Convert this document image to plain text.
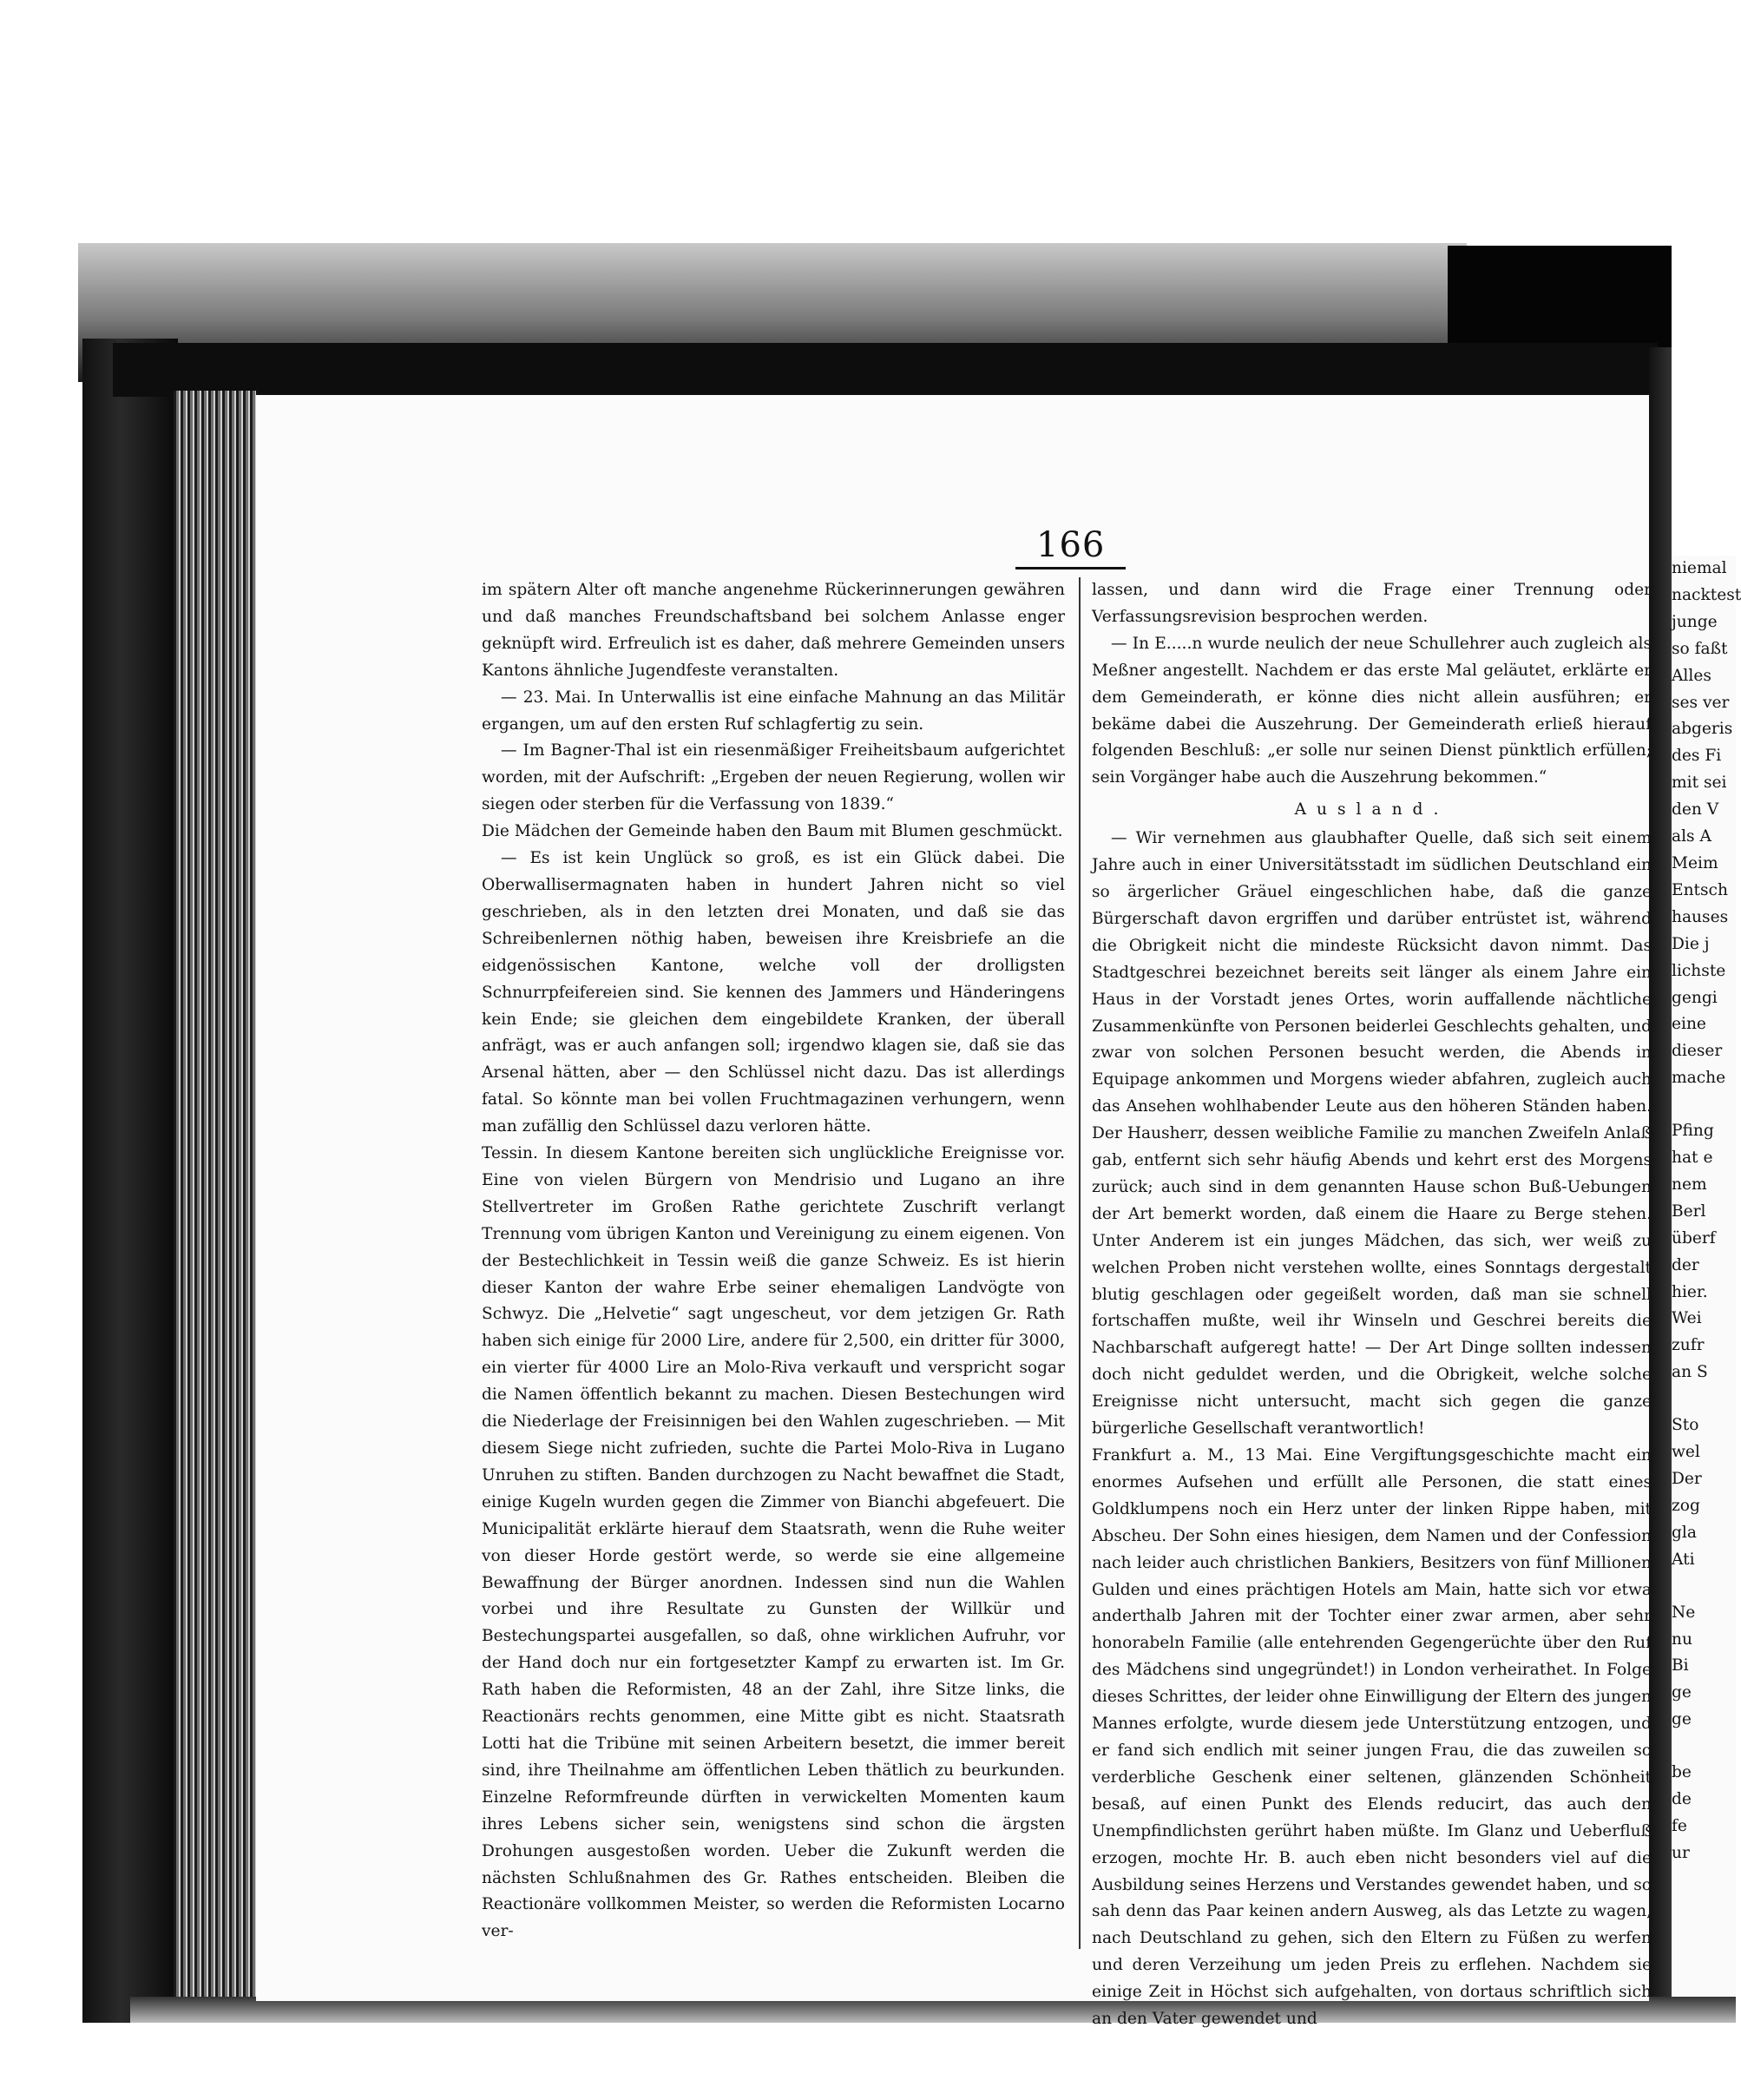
166

im spätern Alter oft manche angenehme Rückerinnerungen gewähren und daß manches Freundschaftsband bei solchem Anlasse enger geknüpft wird. Erfreulich ist es daher, daß mehrere Gemeinden unsers Kantons ähnliche Jugendfeste veranstalten.

— 23. Mai. In Unterwallis ist eine einfache Mahnung an das Militär ergangen, um auf den ersten Ruf schlagfertig zu sein.

— Im Bagner-Thal ist ein riesenmäßiger Freiheitsbaum aufgerichtet worden, mit der Aufschrift: „Ergeben der neuen Regierung, wollen wir siegen oder sterben für die Verfassung von 1839.“

Die Mädchen der Gemeinde haben den Baum mit Blumen geschmückt.

— Es ist kein Unglück so groß, es ist ein Glück dabei. Die Oberwallisermagnaten haben in hundert Jahren nicht so viel geschrieben, als in den letzten drei Monaten, und daß sie das Schreibenlernen nöthig haben, beweisen ihre Kreisbriefe an die eidgenössischen Kantone, welche voll der drolligsten Schnurrpfeifereien sind. Sie kennen des Jammers und Händeringens kein Ende; sie gleichen dem eingebildete Kranken, der überall anfrägt, was er auch anfangen soll; irgendwo klagen sie, daß sie das Arsenal hätten, aber — den Schlüssel nicht dazu. Das ist allerdings fatal. So könnte man bei vollen Fruchtmagazinen verhungern, wenn man zufällig den Schlüssel dazu verloren hätte.

Tessin. In diesem Kantone bereiten sich unglückliche Ereignisse vor. Eine von vielen Bürgern von Mendrisio und Lugano an ihre Stellvertreter im Großen Rathe gerichtete Zuschrift verlangt Trennung vom übrigen Kanton und Vereinigung zu einem eigenen. Von der Bestechlichkeit in Tessin weiß die ganze Schweiz. Es ist hierin dieser Kanton der wahre Erbe seiner ehemaligen Landvögte von Schwyz. Die „Helvetie“ sagt ungescheut, vor dem jetzigen Gr. Rath haben sich einige für 2000 Lire, andere für 2,500, ein dritter für 3000, ein vierter für 4000 Lire an Molo-Riva verkauft und verspricht sogar die Namen öffentlich bekannt zu machen. Diesen Bestechungen wird die Niederlage der Freisinnigen bei den Wahlen zugeschrieben. — Mit diesem Siege nicht zufrieden, suchte die Partei Molo-Riva in Lugano Unruhen zu stiften. Banden durchzogen zu Nacht bewaffnet die Stadt, einige Kugeln wurden gegen die Zimmer von Bianchi abgefeuert. Die Municipalität erklärte hierauf dem Staatsrath, wenn die Ruhe weiter von dieser Horde gestört werde, so werde sie eine allgemeine Bewaffnung der Bürger anordnen. Indessen sind nun die Wahlen vorbei und ihre Resultate zu Gunsten der Willkür und Bestechungspartei ausgefallen, so daß, ohne wirklichen Aufruhr, vor der Hand doch nur ein fortgesetzter Kampf zu erwarten ist. Im Gr. Rath haben die Reformisten, 48 an der Zahl, ihre Sitze links, die Reactionärs rechts genommen, eine Mitte gibt es nicht. Staatsrath Lotti hat die Tribüne mit seinen Arbeitern besetzt, die immer bereit sind, ihre Theilnahme am öffentlichen Leben thätlich zu beurkunden. Einzelne Reformfreunde dürften in verwickelten Momenten kaum ihres Lebens sicher sein, wenigstens sind schon die ärgsten Drohungen ausgestoßen worden. Ueber die Zukunft werden die nächsten Schlußnahmen des Gr. Rathes entscheiden. Bleiben die Reactionäre vollkommen Meister, so werden die Reformisten Locarno ver-

lassen, und dann wird die Frage einer Trennung oder Verfassungsrevision besprochen werden.

— In E.....n wurde neulich der neue Schullehrer auch zugleich als Meßner angestellt. Nachdem er das erste Mal geläutet, erklärte er dem Gemeinderath, er könne dies nicht allein ausführen; er bekäme dabei die Auszehrung. Der Gemeinderath erließ hierauf folgenden Beschluß: „er solle nur seinen Dienst pünktlich erfüllen; sein Vorgänger habe auch die Auszehrung bekommen.“

Ausland.

— Wir vernehmen aus glaubhafter Quelle, daß sich seit einem Jahre auch in einer Universitätsstadt im südlichen Deutschland ein so ärgerlicher Gräuel eingeschlichen habe, daß die ganze Bürgerschaft davon ergriffen und darüber entrüstet ist, während die Obrigkeit nicht die mindeste Rücksicht davon nimmt. Das Stadtgeschrei bezeichnet bereits seit länger als einem Jahre ein Haus in der Vorstadt jenes Ortes, worin auffallende nächtliche Zusammenkünfte von Personen beiderlei Geschlechts gehalten, und zwar von solchen Personen besucht werden, die Abends in Equipage ankommen und Morgens wieder abfahren, zugleich auch das Ansehen wohlhabender Leute aus den höheren Ständen haben. Der Hausherr, dessen weibliche Familie zu manchen Zweifeln Anlaß gab, entfernt sich sehr häufig Abends und kehrt erst des Morgens zurück; auch sind in dem genannten Hause schon Buß-Uebungen der Art bemerkt worden, daß einem die Haare zu Berge stehen. Unter Anderem ist ein junges Mädchen, das sich, wer weiß zu welchen Proben nicht verstehen wollte, eines Sonntags dergestalt blutig geschlagen oder gegeißelt worden, daß man sie schnell fortschaffen mußte, weil ihr Winseln und Geschrei bereits die Nachbarschaft aufgeregt hatte! — Der Art Dinge sollten indessen doch nicht geduldet werden, und die Obrigkeit, welche solche Ereignisse nicht untersucht, macht sich gegen die ganze bürgerliche Gesellschaft verantwortlich!

Frankfurt a. M., 13 Mai. Eine Vergiftungsgeschichte macht ein enormes Aufsehen und erfüllt alle Personen, die statt eines Goldklumpens noch ein Herz unter der linken Rippe haben, mit Abscheu. Der Sohn eines hiesigen, dem Namen und der Confession nach leider auch christlichen Bankiers, Besitzers von fünf Millionen Gulden und eines prächtigen Hotels am Main, hatte sich vor etwa anderthalb Jahren mit der Tochter einer zwar armen, aber sehr honorabeln Familie (alle entehrenden Gegengerüchte über den Ruf des Mädchens sind ungegründet!) in London verheirathet. In Folge dieses Schrittes, der leider ohne Einwilligung der Eltern des jungen Mannes erfolgte, wurde diesem jede Unterstützung entzogen, und er fand sich endlich mit seiner jungen Frau, die das zuweilen so verderbliche Geschenk einer seltenen, glänzenden Schönheit besaß, auf einen Punkt des Elends reducirt, das auch den Unempfindlichsten gerührt haben müßte. Im Glanz und Ueberfluß erzogen, mochte Hr. B. auch eben nicht besonders viel auf die Ausbildung seines Herzens und Verstandes gewendet haben, und so sah denn das Paar keinen andern Ausweg, als das Letzte zu wagen, nach Deutschland zu gehen, sich den Eltern zu Füßen zu werfen und deren Verzeihung um jeden Preis zu erflehen. Nachdem sie einige Zeit in Höchst sich aufgehalten, von dortaus schriftlich sich an den Vater gewendet und

niemal
nacktest
junge
so faßt
Alles
ses ver
abgeris
des Fi
mit sei
den V
als A
Meim
Entsch
hauses
Die j
lichste
gengi
eine
dieser
mache
Pfing
hat e
nem
Berl
überf
der
hier.
Wei
zufr
an S
Sto
wel
Der
zog
gla
Ati
Ne
nu
Bi
ge
ge
be
de
fe
ur
